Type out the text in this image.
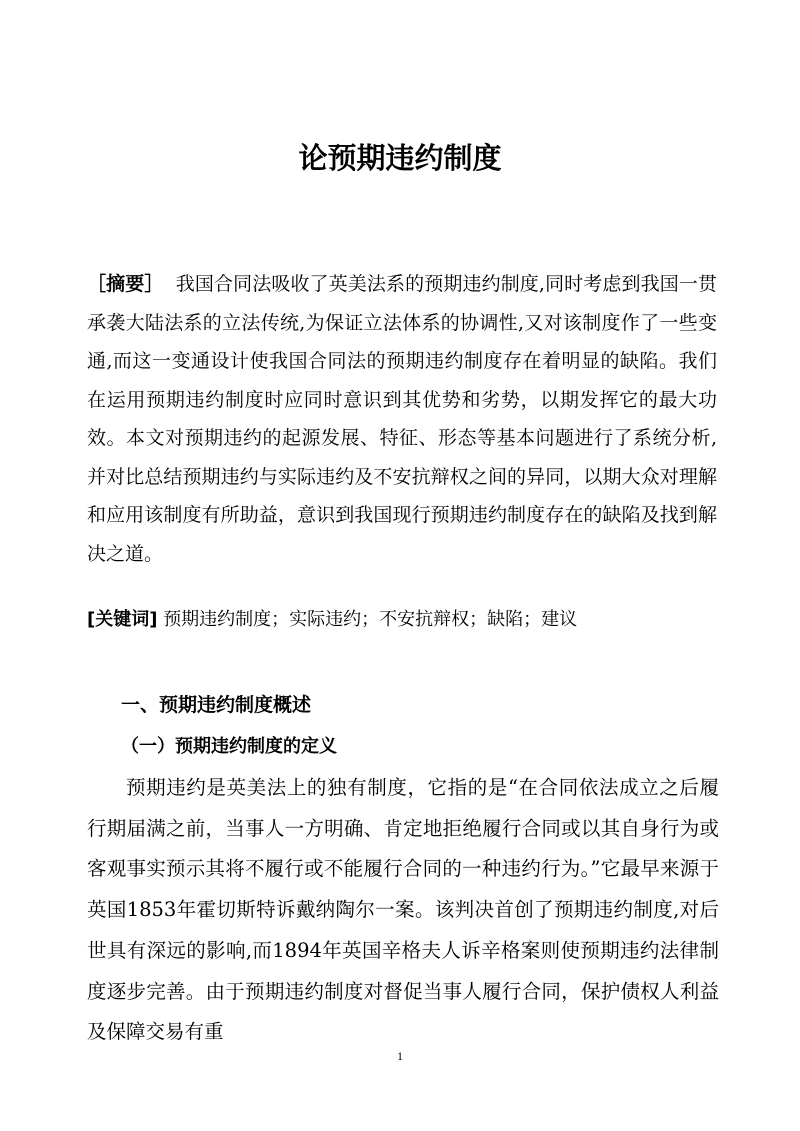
论预期违约制度

［摘要］ 我国合同法吸收了英美法系的预期违约制度,同时考虑到我国一贯承袭大陆法系的立法传统,为保证立法体系的协调性,又对该制度作了一些变通,而这一变通设计使我国合同法的预期违约制度存在着明显的缺陷。我们在运用预期违约制度时应同时意识到其优势和劣势，以期发挥它的最大功效。本文对预期违约的起源发展、特征、形态等基本问题进行了系统分析,并对比总结预期违约与实际违约及不安抗辩权之间的异同，以期大众对理解和应用该制度有所助益，意识到我国现行预期违约制度存在的缺陷及找到解决之道。

[关键词] 预期违约制度；实际违约；不安抗辩权；缺陷；建议

一、预期违约制度概述
（一）预期违约制度的定义

预期违约是英美法上的独有制度，它指的是“在合同依法成立之后履行期届满之前，当事人一方明确、肯定地拒绝履行合同或以其自身行为或客观事实预示其将不履行或不能履行合同的一种违约行为。”它最早来源于英国1853年霍切斯特诉戴纳陶尔一案。该判决首创了预期违约制度,对后世具有深远的影响,而1894年英国辛格夫人诉辛格案则使预期违约法律制度逐步完善。由于预期违约制度对督促当事人履行合同，保护债权人利益及保障交易有重

1
